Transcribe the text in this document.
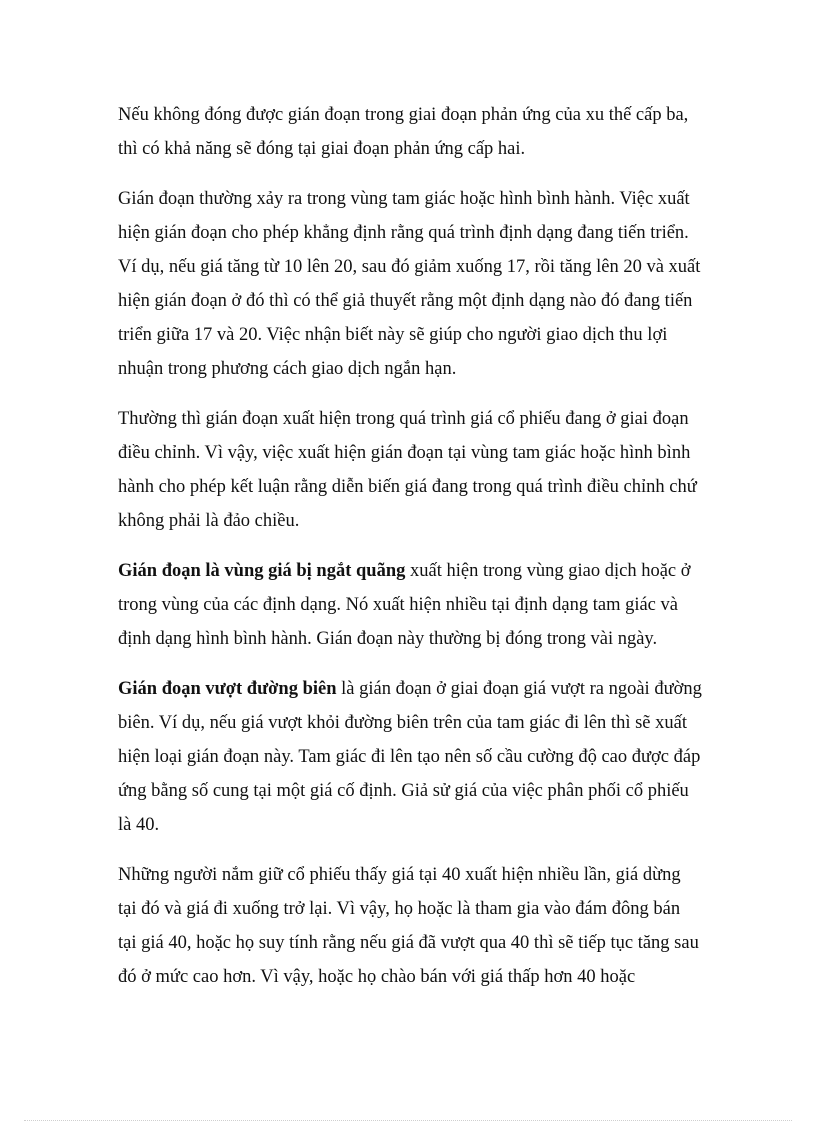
Nếu không đóng được gián đoạn trong giai đoạn phản ứng của xu thế cấp ba, thì có khả năng sẽ đóng tại giai đoạn phản ứng cấp hai.

Gián đoạn thường xảy ra trong vùng tam giác hoặc hình bình hành. Việc xuất hiện gián đoạn cho phép khẳng định rằng quá trình định dạng đang tiến triển. Ví dụ, nếu giá tăng từ 10 lên 20, sau đó giảm xuống 17, rồi tăng lên 20 và xuất hiện gián đoạn ở đó thì có thể giả thuyết rằng một định dạng nào đó đang tiến triển giữa 17 và 20. Việc nhận biết này sẽ giúp cho người giao dịch thu lợi nhuận trong phương cách giao dịch ngắn hạn.

Thường thì gián đoạn xuất hiện trong quá trình giá cổ phiếu đang ở giai đoạn điều chỉnh. Vì vậy, việc xuất hiện gián đoạn tại vùng tam giác hoặc hình bình hành cho phép kết luận rằng diễn biến giá đang trong quá trình điều chỉnh chứ không phải là đảo chiều.

Gián đoạn là vùng giá bị ngắt quãng xuất hiện trong vùng giao dịch hoặc ở trong vùng của các định dạng. Nó xuất hiện nhiều tại định dạng tam giác và định dạng hình bình hành. Gián đoạn này thường bị đóng trong vài ngày.

Gián đoạn vượt đường biên là gián đoạn ở giai đoạn giá vượt ra ngoài đường biên. Ví dụ, nếu giá vượt khỏi đường biên trên của tam giác đi lên thì sẽ xuất hiện loại gián đoạn này. Tam giác đi lên tạo nên số cầu cường độ cao được đáp ứng bằng số cung tại một giá cố định. Giả sử giá của việc phân phối cổ phiếu là 40.

Những người nắm giữ cổ phiếu thấy giá tại 40 xuất hiện nhiều lần, giá dừng tại đó và giá đi xuống trở lại. Vì vậy, họ hoặc là tham gia vào đám đông bán tại giá 40, hoặc họ suy tính rằng nếu giá đã vượt qua 40 thì sẽ tiếp tục tăng sau đó ở mức cao hơn. Vì vậy, hoặc họ chào bán với giá thấp hơn 40 hoặc
